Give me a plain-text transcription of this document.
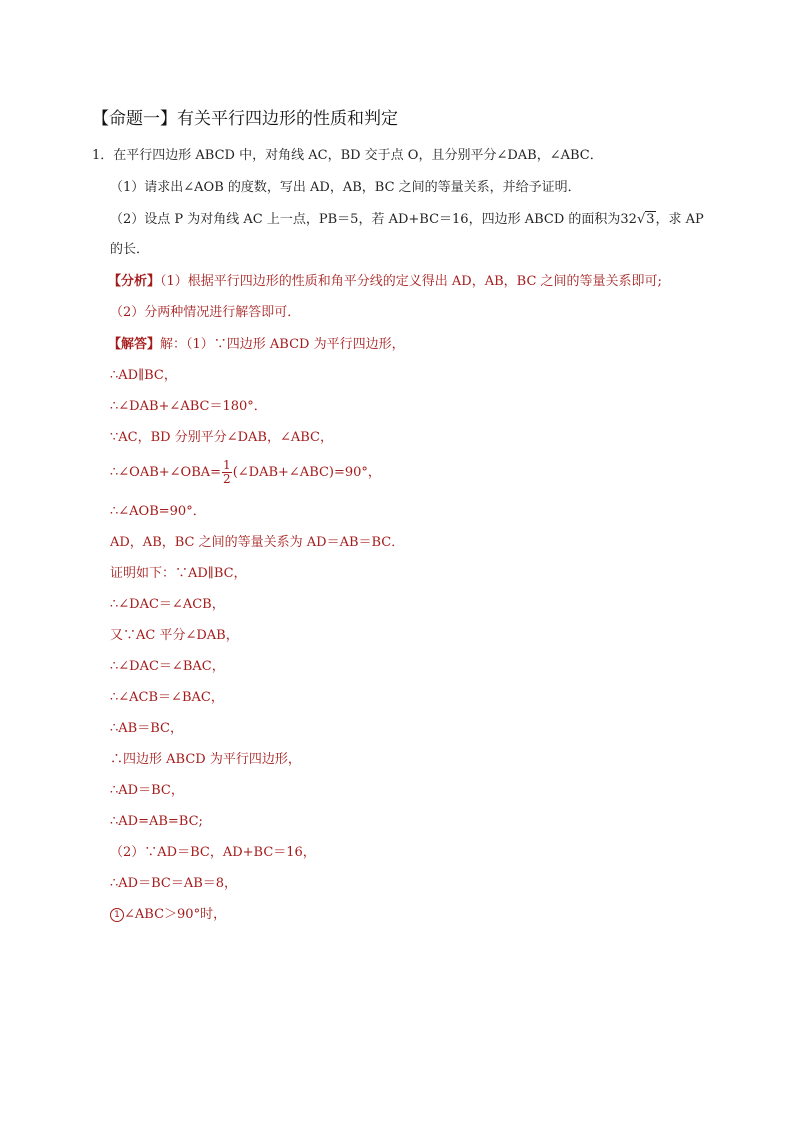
【命题一】有关平行四边形的性质和判定
1．在平行四边形 ABCD 中，对角线 AC，BD 交于点 O，且分别平分∠DAB，∠ABC．
（1）请求出∠AOB 的度数，写出 AD，AB，BC 之间的等量关系，并给予证明．
（2）设点 P 为对角线 AC 上一点，PB＝5，若 AD+BC＝16，四边形 ABCD 的面积为32√3，求 AP
的长．
【分析】（1）根据平行四边形的性质和角平分线的定义得出 AD，AB，BC 之间的等量关系即可;
（2）分两种情况进行解答即可．
【解答】解：（1）∵四边形 ABCD 为平行四边形，
∴AD∥BC，
∴∠DAB+∠ABC＝180°．
∵AC，BD 分别平分∠DAB，∠ABC，
∴∠OAB+∠OBA= $\frac{1}{2}$ (∠DAB+∠ABC)=90°，
∴∠AOB=90°．
AD，AB，BC 之间的等量关系为 AD＝AB＝BC．
证明如下：∵AD∥BC，
∴∠DAC＝∠ACB，
又∵AC 平分∠DAB，
∴∠DAC＝∠BAC，
∴∠ACB＝∠BAC，
∴AB＝BC，
∴四边形 ABCD 为平行四边形，
∴AD＝BC，
∴AD=AB=BC;
（2）∵AD＝BC，AD+BC＝16，
∴AD＝BC＝AB＝8，
1 ∠ABC＞90°时，
